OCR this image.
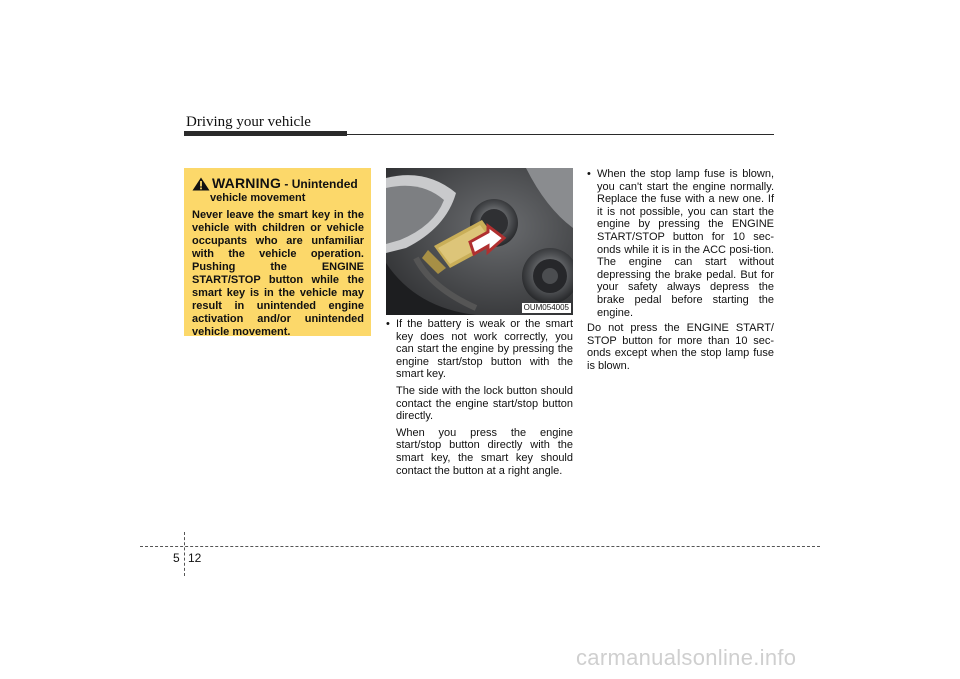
Driving your vehicle
WARNING - Unintended
vehicle movement
Never leave the smart key in the vehicle with children or vehicle occupants who are unfamiliar with the vehicle operation. Pushing the ENGINE START/STOP button while the smart key is in the vehicle may result in unintended engine activation and/or unintended vehicle movement.
OUM054005
• If the battery is weak or the smart key does not work correctly, you can start the engine by pressing the engine start/stop button with the smart key.
The side with the lock button should contact the engine start/stop button directly.
When you press the engine start/stop button directly with the smart key, the smart key should contact the button at a right angle.
• When the stop lamp fuse is blown, you can't start the engine normally. Replace the fuse with a new one. If it is not possible, you can start the engine by pressing the ENGINE START/STOP button for 10 sec-onds while it is in the ACC posi-tion. The engine can start without depressing the brake pedal. But for your safety always depress the brake pedal before starting the engine.
Do not press the ENGINE START/ STOP button for more than 10 sec-onds except when the stop lamp fuse is blown.
5 12
carmanualsonline.info
